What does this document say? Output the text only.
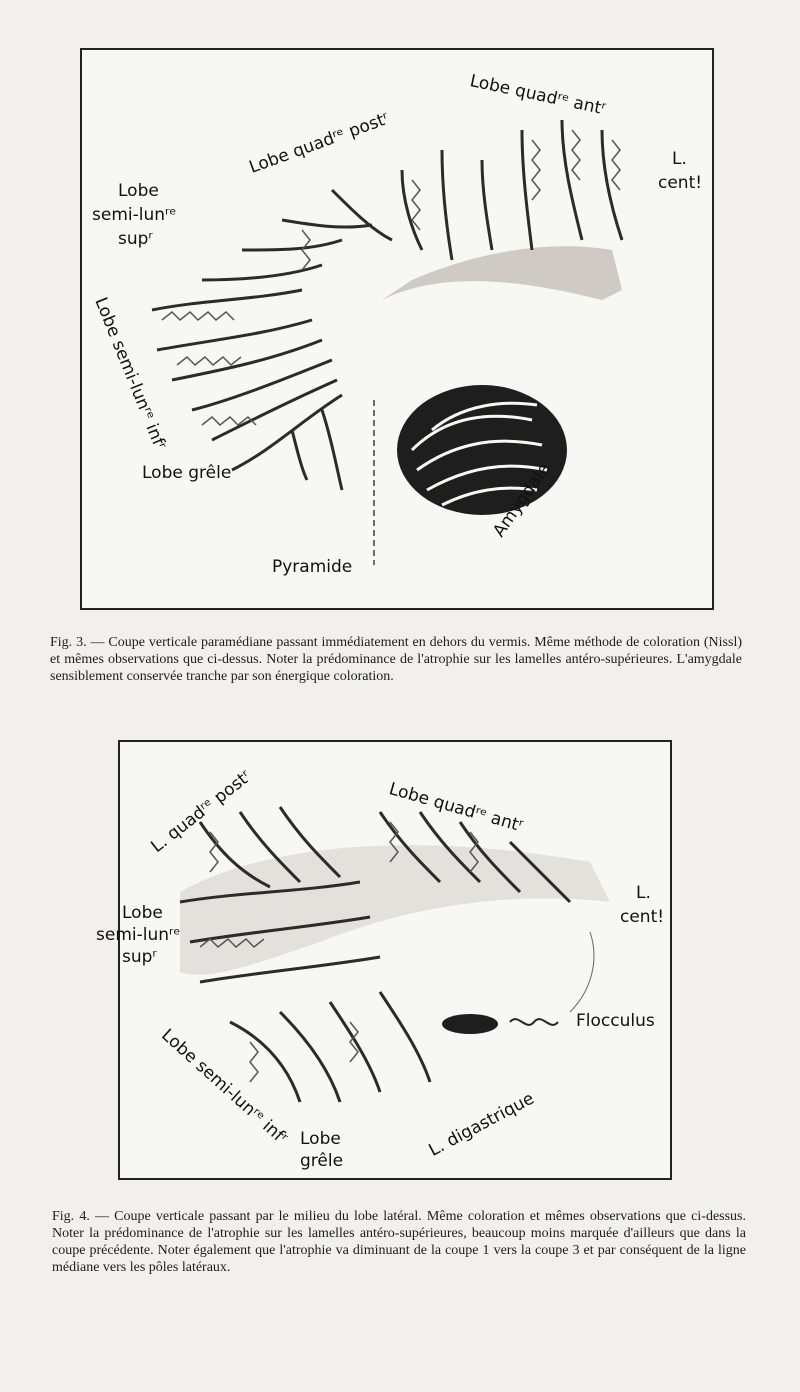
Lobe quadʳᵉ antʳ
Lobe quadʳᵉ postʳ	L.
cent!
Lobe
semi-lunʳᵉ
supʳ
Lobe semi-lunʳᵉ infʳ
Lobe grêle	Amygdale
Pyramide
Fig. 3. — Coupe verticale paramédiane passant immédiatement en dehors du vermis. Même méthode de coloration (Nissl) et mêmes observations que ci-dessus. Noter la prédominance de l'atrophie sur les lamelles antéro-supérieures. L'amygdale sensiblement conservée tranche par son énergique coloration.
L. quadʳᵉ postʳ	Lobe quadʳᵉ antʳ
L.
cent!
Lobe
semi-lunʳᵉ
supʳ
Flocculus
Lobe semi-lunʳᵉ infʳ	L. digastrique
Lobe
grêle
Fig. 4. — Coupe verticale passant par le milieu du lobe latéral. Même coloration et mêmes observations que ci-dessus. Noter la prédominance de l'atrophie sur les lamelles antéro-supérieures, beaucoup moins marquée d'ailleurs que dans la coupe précédente. Noter également que l'atrophie va diminuant de la coupe 1 vers la coupe 3 et par conséquent de la ligne médiane vers les pôles latéraux.
